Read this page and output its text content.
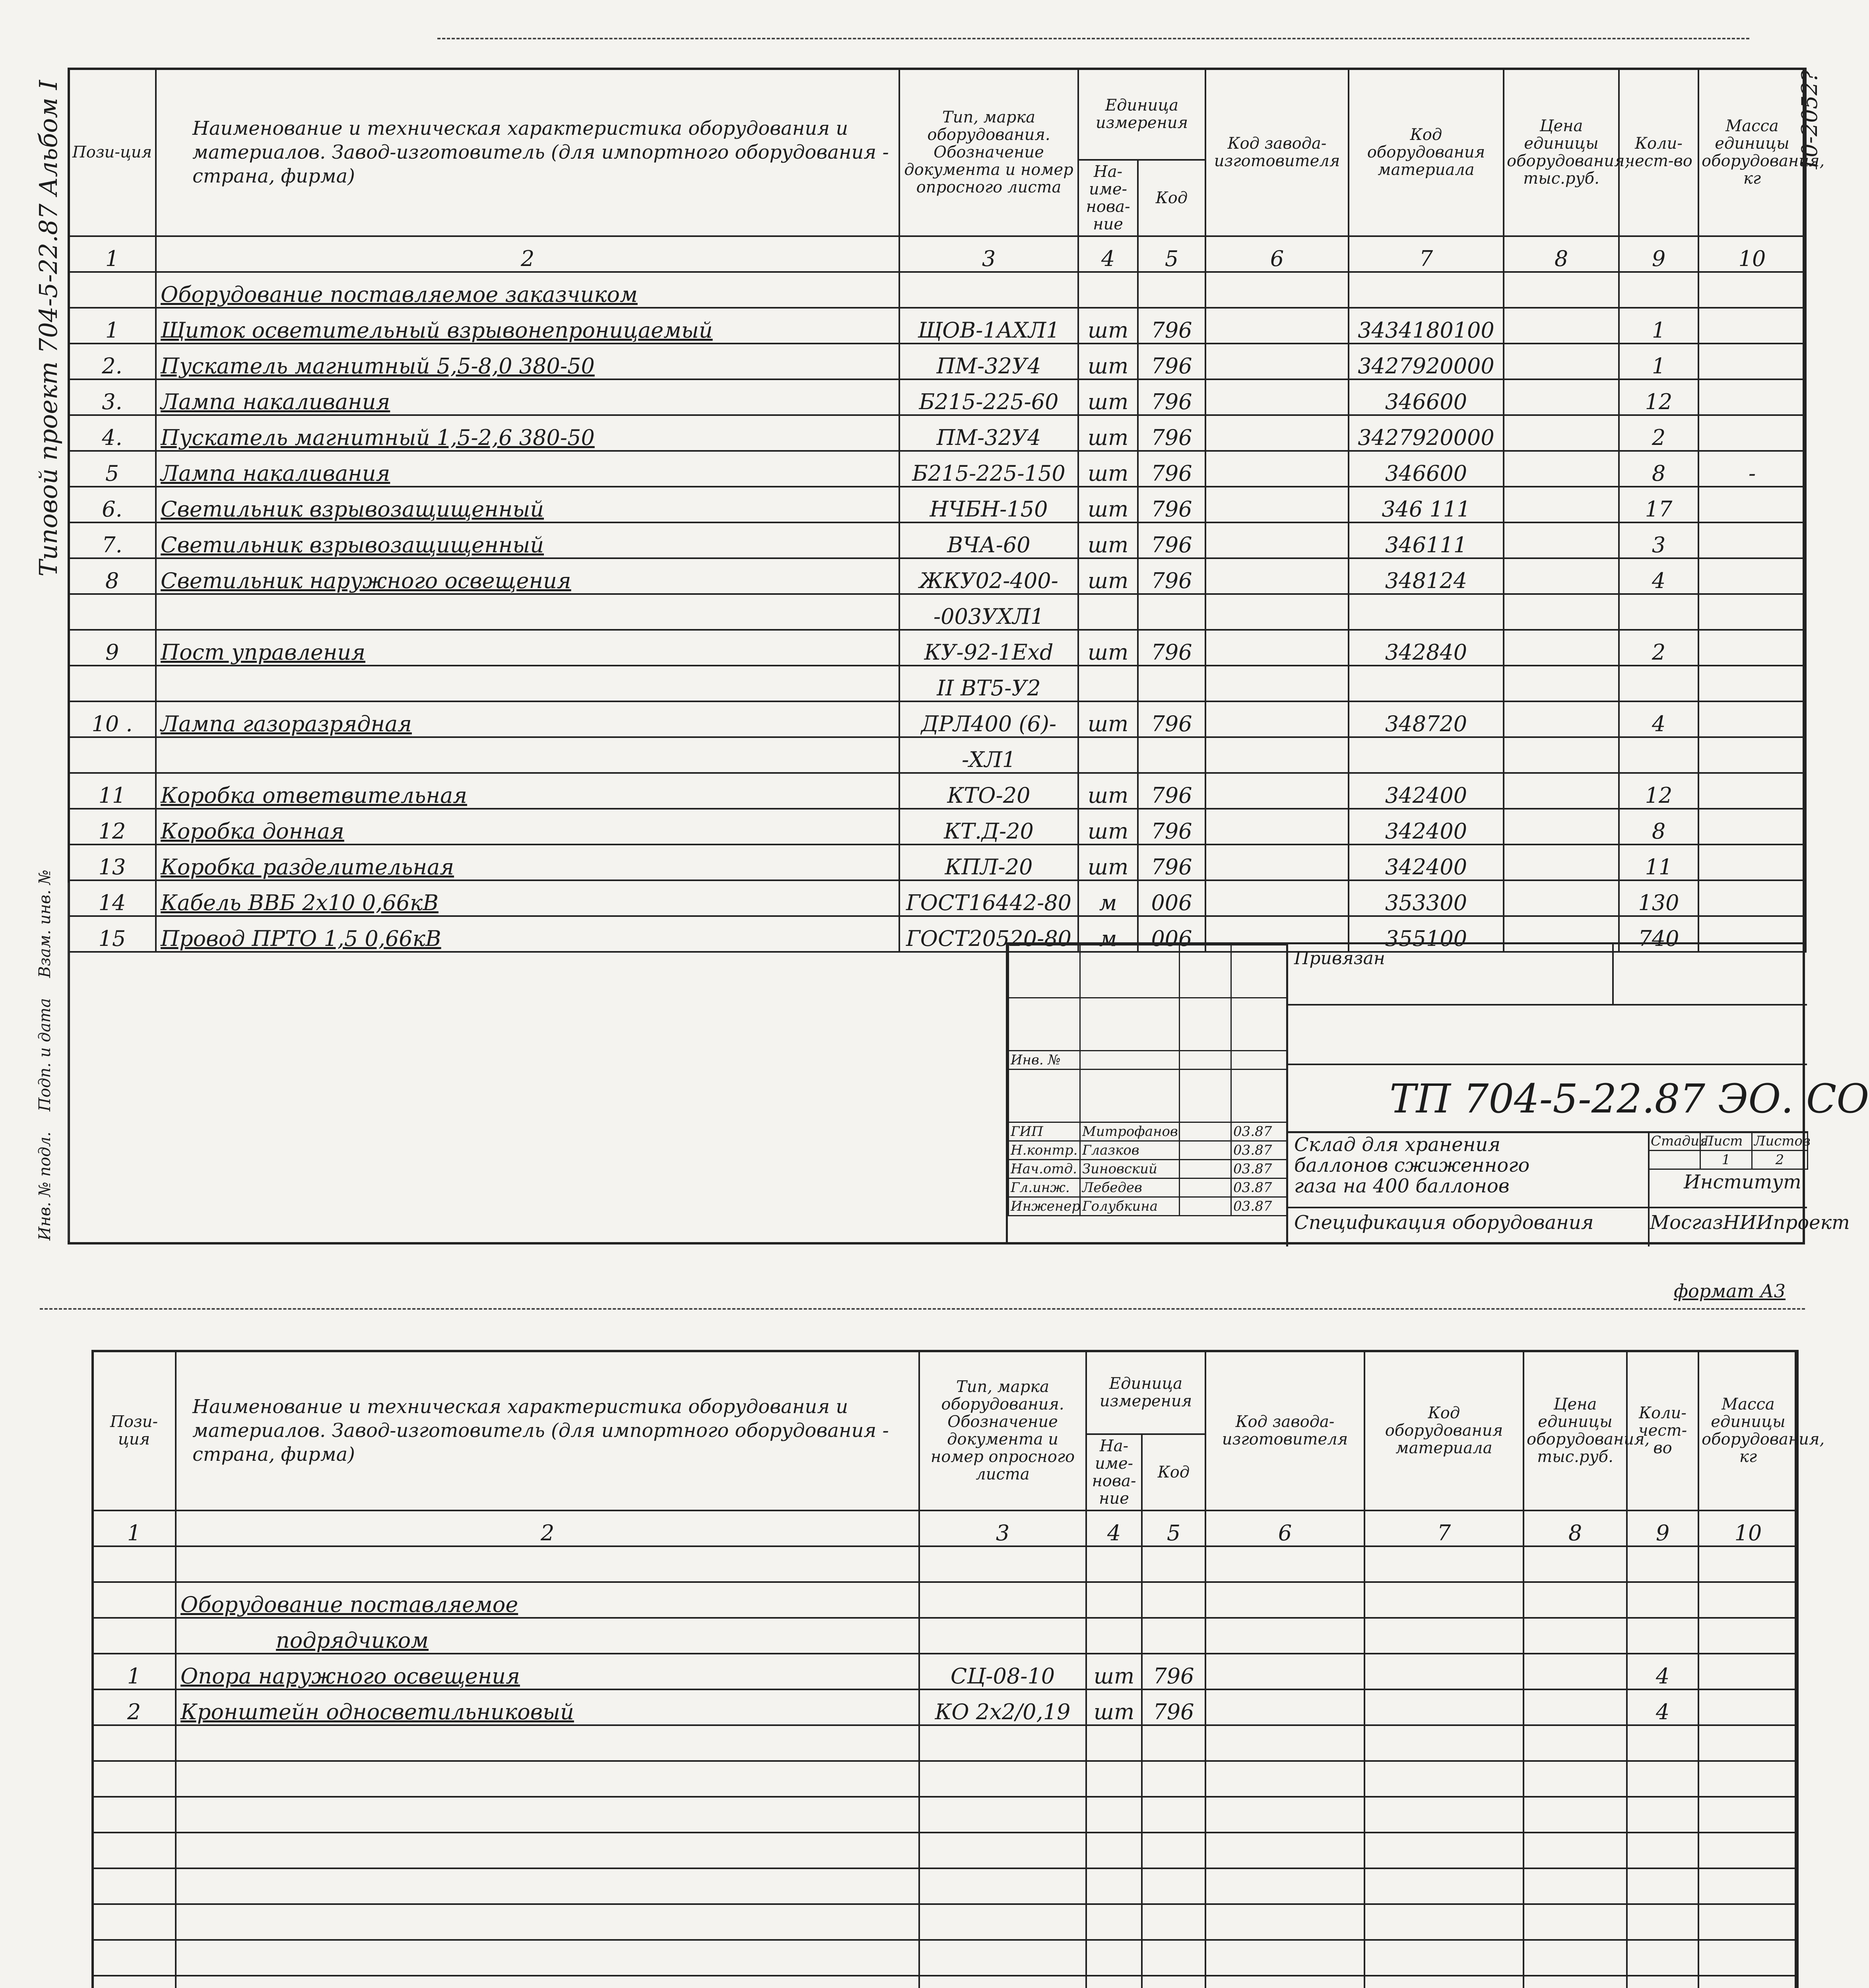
Типовой проект 704-5-22.87 Альбом I	10-2052?
Пози-ция	Наименование и техническая характеристика оборудования и материалов. Завод-изготовитель (для импортного оборудования - страна, фирма)	Тип, марка оборудования. Обозначение документа и номер опросного листа	Единица измерения		Код завода-изготовителя	Код оборудования материала	Цена единицы оборудования, тыс.руб.	Коли-чест-во	Масса единицы оборудования, кг
			На-име-нова-ние	Код					
1	2	3	4	5	6	7	8	9	10
	Оборудование поставляемое заказчиком								
1	Щиток осветительный взрывонепроницаемый	ЩОВ-1АХЛ1	шт	796		3434180100		1	
2.	Пускатель магнитный 5,5-8,0 380-50	ПМ-32У4	шт	796		3427920000		1	
3.	Лампа накаливания	Б215-225-60	шт	796		346600		12	
4.	Пускатель магнитный 1,5-2,6 380-50	ПМ-32У4	шт	796		3427920000		2	
5	Лампа накаливания	Б215-225-150	шт	796		346600		8	-
6.	Светильник взрывозащищенный	НЧБН-150	шт	796		346 111		17	
7.	Светильник взрывозащищенный	ВЧА-60	шт	796		346111		3	
8	Светильник наружного освещения	ЖКУ02-400-	шт	796		348124		4	
		-003УХЛ1							
9	Пост управления	КУ-92-1Exd	шт	796		342840		2	
		II ВТ5-У2							
10 .	Лампа газоразрядная	ДРЛ400 (6)-	шт	796		348720		4	
		-ХЛ1							
11	Коробка ответвительная	КТО-20	шт	796		342400		12	
12	Коробка донная	КТ.Д-20	шт	796		342400		8	
13	Коробка разделительная	КПЛ-20	шт	796		342400		11	
14	Кабель ВВБ 2х10 0,66кВ	ГОСТ16442-80	м	006		353300		130	
15	Провод ПРТО 1,5 0,66кВ	ГОСТ20520-80	м	006		355100		740	
Инв. № подл.    Подп. и дата    Взам. инв. №

Инв. №			

ГИП	Митрофанов		03.87
Н.контр.	Глазков		03.87
Нач.отд.	Зиновский		03.87
Гл.инж.	Лебедев		03.87
Инженер	Голубкина		03.87
Привязан
ТП 704-5-22.87 ЭО. СО
Склад для хранения
баллонов сжиженного
газа на 400 баллонов
Спецификация оборудования
Стадия	Лист	Листов
	1	2
Институт
МосгазНИИпроект
формат А3
Пози-ция	Наименование и техническая характеристика оборудования и материалов. Завод-изготовитель (для импортного оборудования - страна, фирма)	Тип, марка оборудования. Обозначение документа и номер опросного листа	Единица измерения		Код завода-изготовителя	Код оборудования материала	Цена единицы оборудования, тыс.руб.	Коли-чест-во	Масса единицы оборудования, кг
			На-име-нова-ние	Код					
1	2	3	4	5	6	7	8	9	10

	Оборудование поставляемое								
	подрядчиком								
1	Опора наружного освещения	СЦ-08-10	шт	796				4	
2	Кронштейн односветильниковый	КО 2х2/0,19	шт	796				4	
